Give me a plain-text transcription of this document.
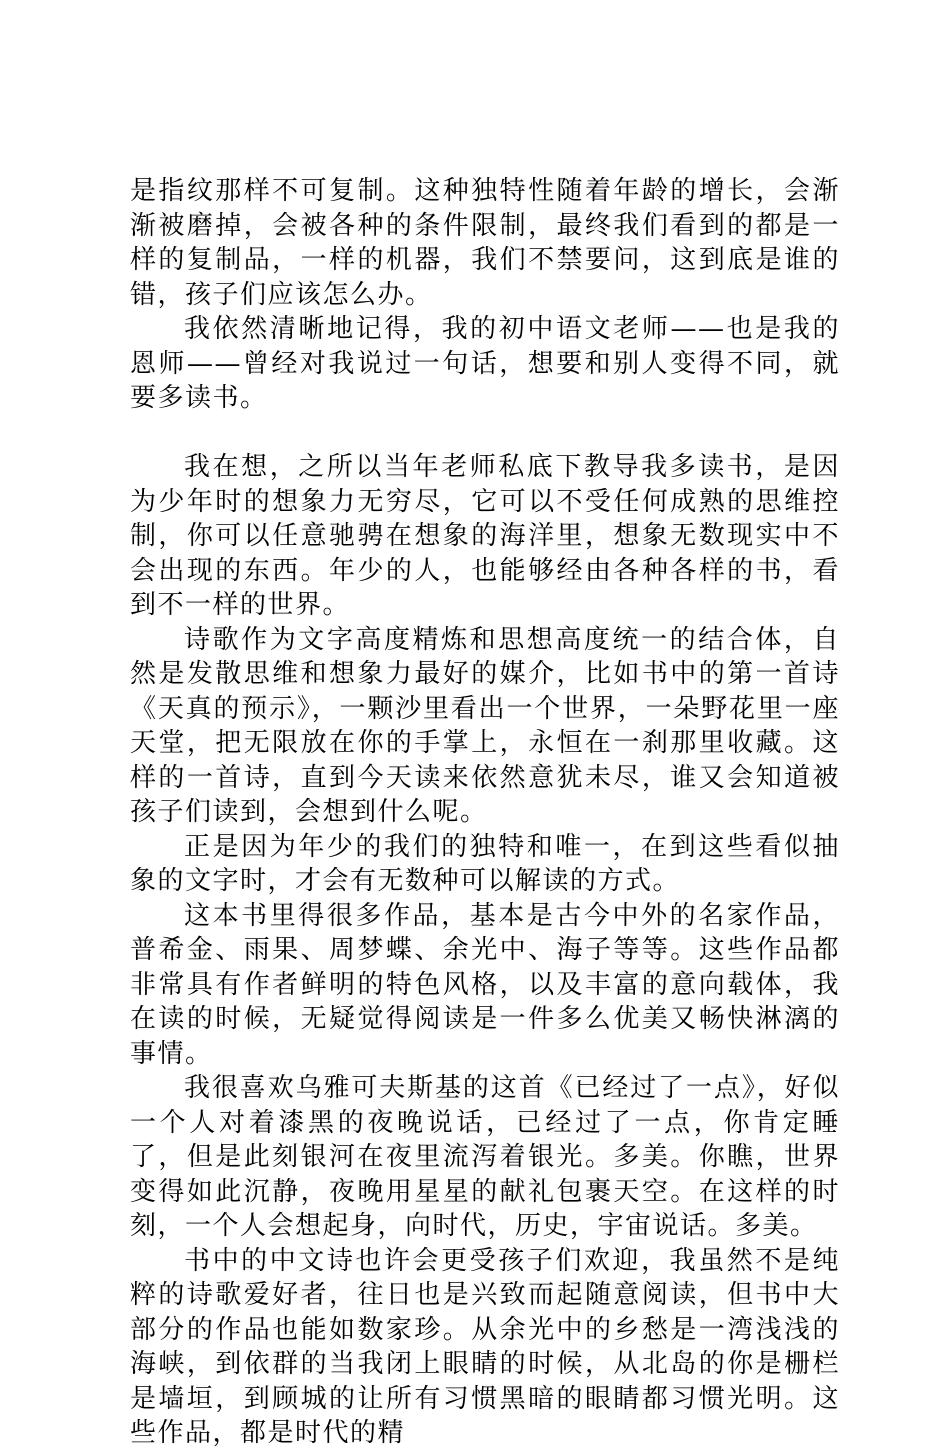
是指纹那样不可复制。这种独特性随着年龄的增长，会渐渐被磨掉，会被各种的条件限制，最终我们看到的都是一样的复制品，一样的机器，我们不禁要问，这到底是谁的错，孩子们应该怎么办。

我依然清晰地记得，我的初中语文老师——也是我的恩师——曾经对我说过一句话，想要和别人变得不同，就要多读书。

我在想，之所以当年老师私底下教导我多读书，是因为少年时的想象力无穷尽，它可以不受任何成熟的思维控制，你可以任意驰骋在想象的海洋里，想象无数现实中不会出现的东西。年少的人，也能够经由各种各样的书，看到不一样的世界。

诗歌作为文字高度精炼和思想高度统一的结合体，自然是发散思维和想象力最好的媒介，比如书中的第一首诗《天真的预示》，一颗沙里看出一个世界，一朵野花里一座天堂，把无限放在你的手掌上，永恒在一刹那里收藏。这样的一首诗，直到今天读来依然意犹未尽，谁又会知道被孩子们读到，会想到什么呢。

正是因为年少的我们的独特和唯一，在到这些看似抽象的文字时，才会有无数种可以解读的方式。

这本书里得很多作品，基本是古今中外的名家作品，普希金、雨果、周梦蝶、余光中、海子等等。这些作品都非常具有作者鲜明的特色风格，以及丰富的意向载体，我在读的时候，无疑觉得阅读是一件多么优美又畅快淋漓的事情。

我很喜欢乌雅可夫斯基的这首《已经过了一点》，好似一个人对着漆黑的夜晚说话，已经过了一点，你肯定睡了，但是此刻银河在夜里流泻着银光。多美。你瞧，世界变得如此沉静，夜晚用星星的献礼包裹天空。在这样的时刻，一个人会想起身，向时代，历史，宇宙说话。多美。

书中的中文诗也许会更受孩子们欢迎，我虽然不是纯粹的诗歌爱好者，往日也是兴致而起随意阅读，但书中大部分的作品也能如数家珍。从余光中的乡愁是一湾浅浅的海峡，到依群的当我闭上眼睛的时候，从北岛的你是栅栏是墙垣，到顾城的让所有习惯黑暗的眼睛都习惯光明。这些作品，都是时代的精
